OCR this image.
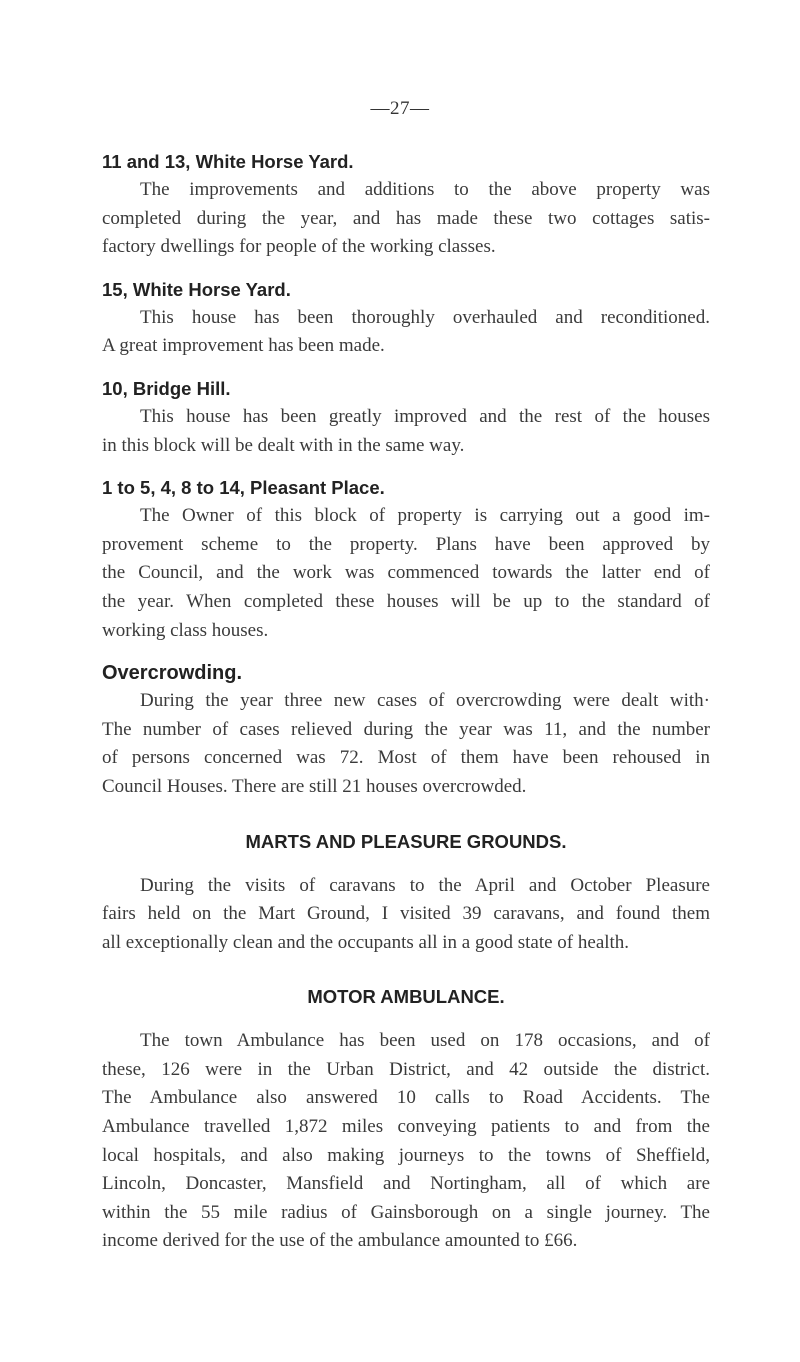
—27—

11 and 13, White Horse Yard.

The improvements and additions to the above property was
completed during the year, and has made these two cottages satis-
factory dwellings for people of the working classes.

15, White Horse Yard.

This house has been thoroughly overhauled and reconditioned.
A great improvement has been made.

10, Bridge Hill.

This house has been greatly improved and the rest of the houses
in this block will be dealt with in the same way.

1 to 5, 4, 8 to 14, Pleasant Place.

The Owner of this block of property is carrying out a good im-
provement scheme to the property. Plans have been approved by
the Council, and the work was commenced towards the latter end of
the year. When completed these houses will be up to the standard of
working class houses.

Overcrowding.

During the year three new cases of overcrowding were dealt with·
The number of cases relieved during the year was 11, and the number
of persons concerned was 72. Most of them have been rehoused in
Council Houses. There are still 21 houses overcrowded.

MARTS AND PLEASURE GROUNDS.

During the visits of caravans to the April and October Pleasure
fairs held on the Mart Ground, I visited 39 caravans, and found them
all exceptionally clean and the occupants all in a good state of health.

MOTOR AMBULANCE.

The town Ambulance has been used on 178 occasions, and of
these, 126 were in the Urban District, and 42 outside the district.
The Ambulance also answered 10 calls to Road Accidents. The
Ambulance travelled 1,872 miles conveying patients to and from the
local hospitals, and also making journeys to the towns of Sheffield,
Lincoln, Doncaster, Mansfield and Nortingham, all of which are
within the 55 mile radius of Gainsborough on a single journey. The
income derived for the use of the ambulance amounted to £66.
